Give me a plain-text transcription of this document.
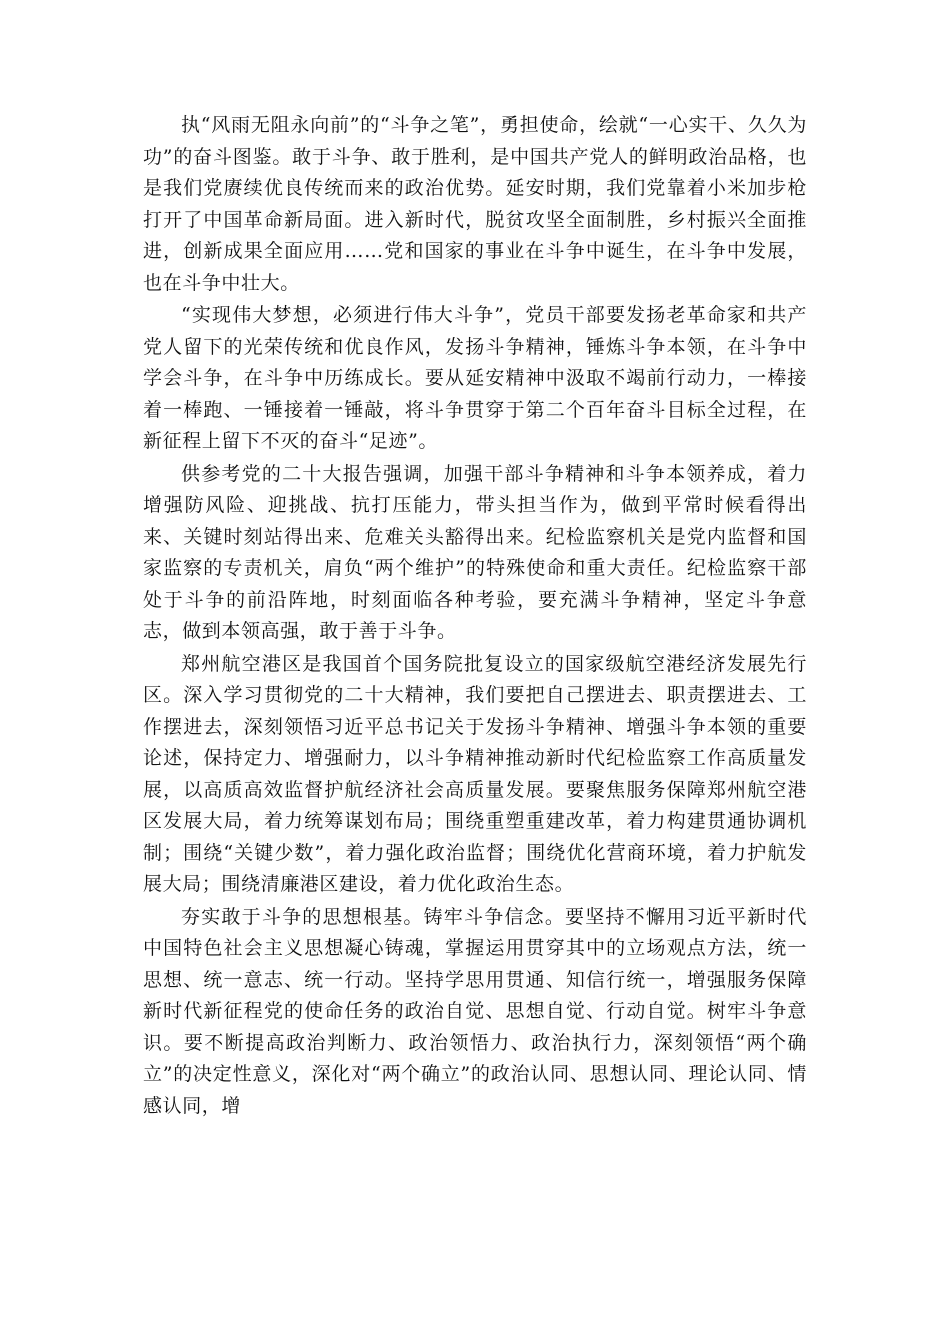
执“风雨无阻永向前”的“斗争之笔”，勇担使命，绘就“一心实干、久久为功”的奋斗图鉴。敢于斗争、敢于胜利，是中国共产党人的鲜明政治品格，也是我们党赓续优良传统而来的政治优势。延安时期，我们党靠着小米加步枪打开了中国革命新局面。进入新时代，脱贫攻坚全面制胜，乡村振兴全面推进，创新成果全面应用……党和国家的事业在斗争中诞生，在斗争中发展，也在斗争中壮大。

“实现伟大梦想，必须进行伟大斗争”，党员干部要发扬老革命家和共产党人留下的光荣传统和优良作风，发扬斗争精神，锤炼斗争本领，在斗争中学会斗争，在斗争中历练成长。要从延安精神中汲取不竭前行动力，一棒接着一棒跑、一锤接着一锤敲，将斗争贯穿于第二个百年奋斗目标全过程，在新征程上留下不灭的奋斗“足迹”。

供参考党的二十大报告强调，加强干部斗争精神和斗争本领养成，着力增强防风险、迎挑战、抗打压能力，带头担当作为，做到平常时候看得出来、关键时刻站得出来、危难关头豁得出来。纪检监察机关是党内监督和国家监察的专责机关，肩负“两个维护”的特殊使命和重大责任。纪检监察干部处于斗争的前沿阵地，时刻面临各种考验，要充满斗争精神，坚定斗争意志，做到本领高强，敢于善于斗争。

郑州航空港区是我国首个国务院批复设立的国家级航空港经济发展先行区。深入学习贯彻党的二十大精神，我们要把自己摆进去、职责摆进去、工作摆进去，深刻领悟习近平总书记关于发扬斗争精神、增强斗争本领的重要论述，保持定力、增强耐力，以斗争精神推动新时代纪检监察工作高质量发展，以高质高效监督护航经济社会高质量发展。要聚焦服务保障郑州航空港区发展大局，着力统筹谋划布局；围绕重塑重建改革，着力构建贯通协调机制；围绕“关键少数”，着力强化政治监督；围绕优化营商环境，着力护航发展大局；围绕清廉港区建设，着力优化政治生态。

夯实敢于斗争的思想根基。铸牢斗争信念。要坚持不懈用习近平新时代中国特色社会主义思想凝心铸魂，掌握运用贯穿其中的立场观点方法，统一思想、统一意志、统一行动。坚持学思用贯通、知信行统一，增强服务保障新时代新征程党的使命任务的政治自觉、思想自觉、行动自觉。树牢斗争意识。要不断提高政治判断力、政治领悟力、政治执行力，深刻领悟“两个确立”的决定性意义，深化对“两个确立”的政治认同、思想认同、理论认同、情感认同，增
